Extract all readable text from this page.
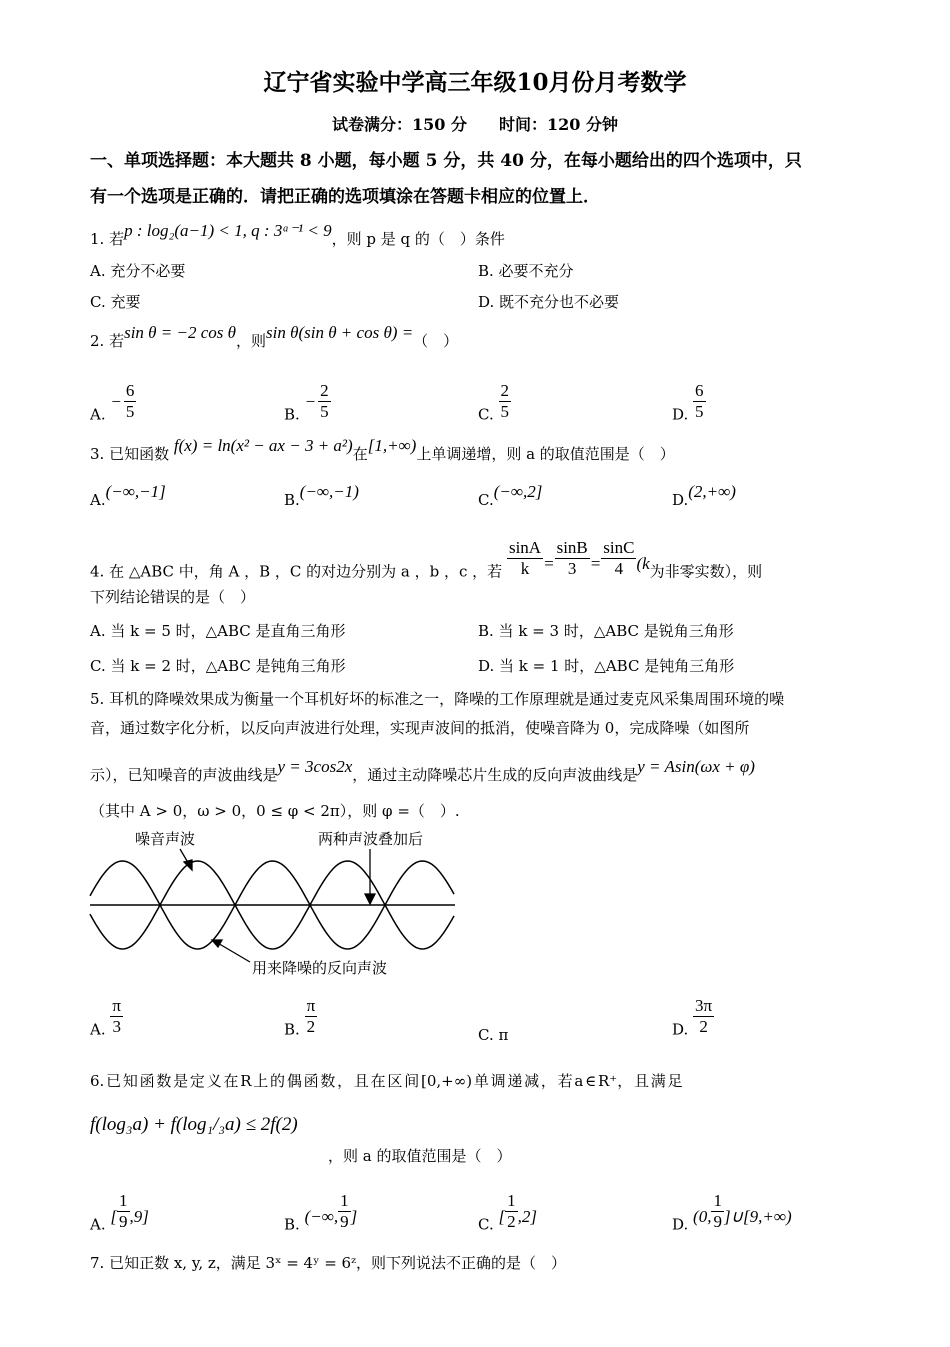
辽宁省实验中学高三年级10月份月考数学
试卷满分：150 分　　时间：120 分钟
一、单项选择题：本大题共 8 小题，每小题 5 分，共 40 分，在每小题给出的四个选项中，只
有一个选项是正确的．请把正确的选项填涂在答题卡相应的位置上．
1. 若p : log₂(a−1) < 1, q : 3ᵃ⁻¹ < 9，则 p 是 q 的（　）条件
A. 充分不必要	B. 必要不充分
C. 充要	D. 既不充分也不必要
2. 若sin θ = −2 cos θ，则sin θ(sin θ + cos θ) =（　）
A. − $\frac{6}{5}$	B. − $\frac{2}{5}$	C. $\frac{2}{5}$	D. $\frac{6}{5}$
3. 已知函数 f(x) = ln(x² − ax − 3 + a²)在[1,+∞)上单调递增，则 a 的取值范围是（　）
A.(−∞,−1]	B.(−∞,−1)	C.(−∞,2]	D.(2,+∞)
4. 在 △ABC 中，角 A ，B ，C 的对边分别为 a ，b ，c ，若 $\frac{\sin A}{k} = \frac{\sin B}{3} = \frac{\sin C}{4} (k$为非零实数），则
下列结论错误的是（　）
A. 当 k = 5 时，△ABC 是直角三角形	B. 当 k = 3 时，△ABC 是锐角三角形
C. 当 k = 2 时，△ABC 是钝角三角形	D. 当 k = 1 时，△ABC 是钝角三角形
5. 耳机的降噪效果成为衡量一个耳机好坏的标准之一，降噪的工作原理就是通过麦克风采集周围环境的噪
音，通过数字化分析，以反向声波进行处理，实现声波间的抵消，使噪音降为 0，完成降噪（如图所
示），已知噪音的声波曲线是y = 3cos2x，通过主动降噪芯片生成的反向声波曲线是y = Asin(ωx + φ)
（其中 A > 0，ω > 0，0 ≤ φ < 2π），则 φ =（　）.
噪音声波	两种声波叠加后
用来降噪的反向声波
A. $\frac{\pi}{3}$	B. $\frac{\pi}{2}$	C. π	D. $\frac{3\pi}{2}$
6. 已 知 函 数 是 定 义 在 R 上 的 偶 函 数 ， 且 在 区 间 [0,+∞) 单 调 递 减 ， 若 a ∈ R⁺， 且 满 足
f(log₃a) + f(log₁/₃a) ≤ 2f(2)
，则 a 的取值范围是（　）
A. [ $\frac{1}{9} ,9$]	B. (−∞, $\frac{1}{9}$ ]	C. [ $\frac{1}{2} ,2$]	D. (0, $\frac{1}{9}$ ]∪[9,+∞)
7. 已知正数 x, y, z，满足 3ˣ = 4ʸ = 6ᶻ，则下列说法不正确的是（　）
